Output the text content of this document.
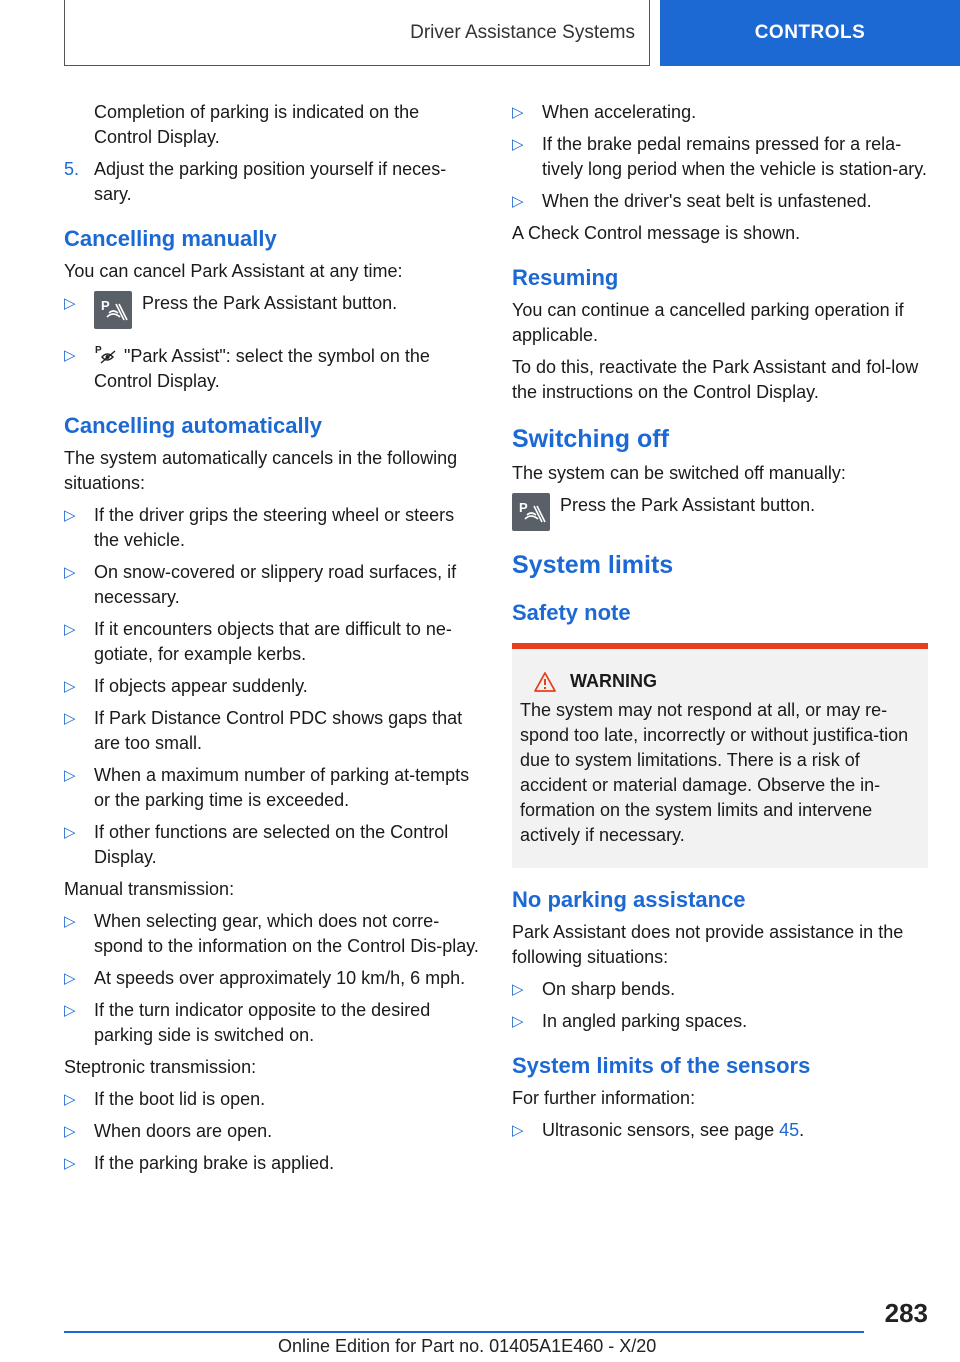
Driver Assistance Systems	CONTROLS
Completion of parking is indicated on the Control Display.
5. Adjust the parking position yourself if neces-sary.
Cancelling manually

You can cancel Park Assistant at any time:

▷ P Press the Park Assistant button.
▷ P "Park Assist": select the symbol on the Control Display.
Cancelling automatically

The system automatically cancels in the following situations:

▷ If the driver grips the steering wheel or steers the vehicle.
▷ On snow-covered or slippery road surfaces, if necessary.
▷ If it encounters objects that are difficult to ne-gotiate, for example kerbs.
▷ If objects appear suddenly.
▷ If Park Distance Control PDC shows gaps that are too small.
▷ When a maximum number of parking at-tempts or the parking time is exceeded.
▷ If other functions are selected on the Control Display.

Manual transmission:

▷ When selecting gear, which does not corre-spond to the information on the Control Dis-play.
▷ At speeds over approximately 10 km/h, 6 mph.
▷ If the turn indicator opposite to the desired parking side is switched on.

Steptronic transmission:

▷ If the boot lid is open.
▷ When doors are open.
▷ If the parking brake is applied.
▷ When accelerating.
▷ If the brake pedal remains pressed for a rela-tively long period when the vehicle is station-ary.
▷ When the driver's seat belt is unfastened.

A Check Control message is shown.

Resuming

You can continue a cancelled parking operation if applicable.

To do this, reactivate the Park Assistant and fol-low the instructions on the Control Display.

Switching off

The system can be switched off manually:

P Press the Park Assistant button.
System limits
Safety note
WARNING
The system may not respond at all, or may re-spond too late, incorrectly or without justifica-tion due to system limitations. There is a risk of accident or material damage. Observe the in-formation on the system limits and intervene actively if necessary.
No parking assistance

Park Assistant does not provide assistance in the following situations:

▷ On sharp bends.
▷ In angled parking spaces.
System limits of the sensors

For further information:

▷ Ultrasonic sensors, see page 45.
283
Online Edition for Part no. 01405A1E460 - X/20
